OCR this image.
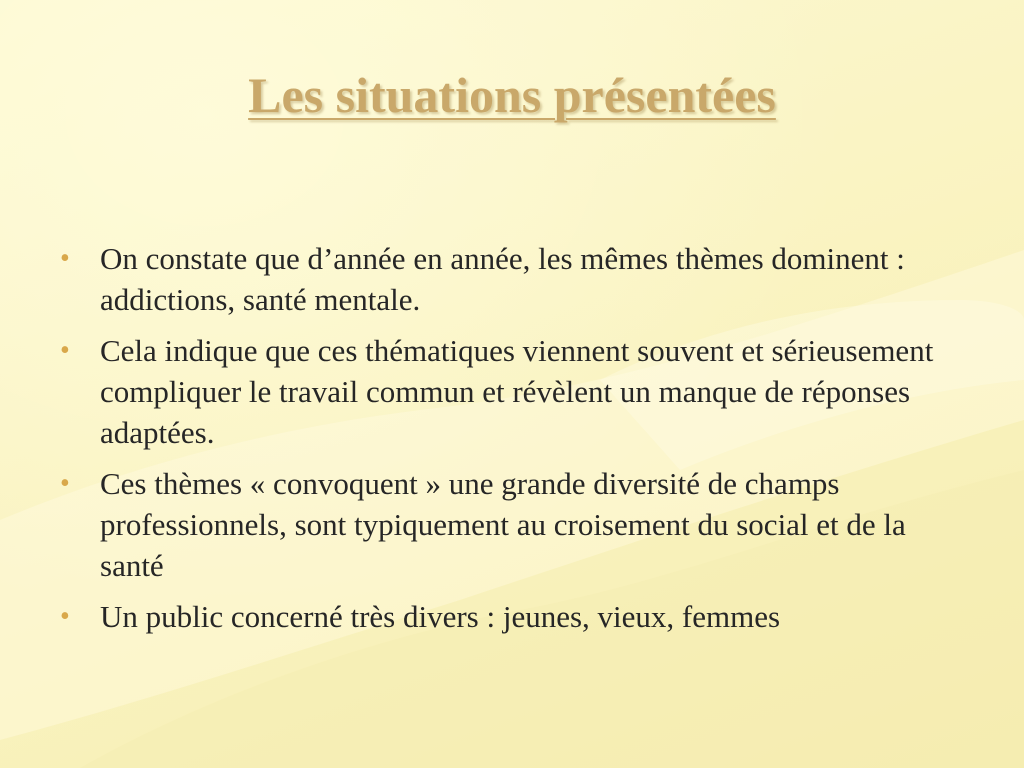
Les situations présentées
• On constate que d’année en année, les mêmes thèmes dominent : addictions, santé mentale.
• Cela indique que ces thématiques viennent souvent et sérieusement compliquer le travail commun et révèlent un manque de réponses adaptées.
• Ces thèmes « convoquent » une grande diversité de champs professionnels, sont typiquement au croisement du social et de la santé
• Un public concerné très divers : jeunes, vieux, femmes
